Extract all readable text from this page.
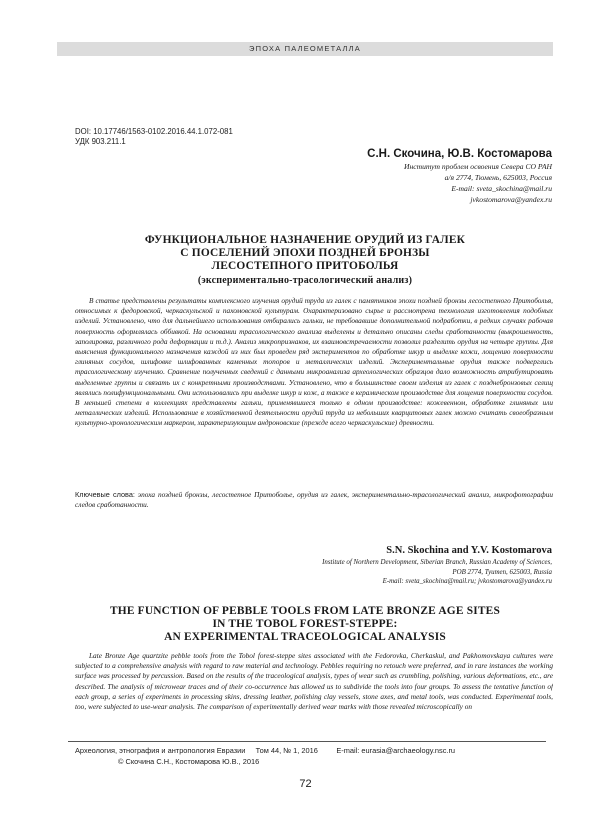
ЭПОХА ПАЛЕОМЕТАЛЛА
DOI: 10.17746/1563-0102.2016.44.1.072-081
УДК 903.211.1
С.Н. Скочина, Ю.В. Костомарова
Институт проблем освоения Севера СО РАН
а/я 2774, Тюмень, 625003, Россия
E-mail: sveta_skochina@mail.ru
jvkostomarova@yandex.ru
ФУНКЦИОНАЛЬНОЕ НАЗНАЧЕНИЕ ОРУДИЙ ИЗ ГАЛЕК
С ПОСЕЛЕНИЙ ЭПОХИ ПОЗДНЕЙ БРОНЗЫ
ЛЕСОСТЕПНОГО ПРИТОБОЛЬЯ
(экспериментально-трасологический анализ)
В статье представлены результаты комплексного изучения орудий труда из галек с памятников эпохи поздней бронзы лесостепного Притоболья, относимых к федоровской, черкаскульской и пахомовской культурам. Охарактеризовано сырье и рассмотрена технология изготовления подобных изделий. Установлено, что для дальнейшего использования отбирались гальки, не требовавшие дополнительной подработки, в редких случаях рабочая поверхность оформлялась оббивкой. На основании трасологического анализа выделены и детально описаны следы сработанности (выкрошенность, заполировка, различного рода деформации и т.д.). Анализ микропризнаков, их взаимовстречаемости позволил разделить орудия на четыре группы. Для выяснения функционального назначения каждой из них был проведен ряд экспериментов по обработке шкур и выделке кожи, лощению поверхности глиняных сосудов, шлифовке шлифованных каменных топоров и металлических изделий. Экспериментальные орудия также подверглись трасологическому изучению. Сравнение полученных сведений с данными микроанализа археологических образцов дало возможность атрибутировать выделенные группы и связать их с конкретными производствами. Установлено, что в большинстве своем изделия из галек с позднебронзовых селищ являлись полифункциональными. Они использовались при выделке шкур и кож, а также в керамическом производстве для лощения поверхности сосудов. В меньшей степени в коллекциях представлены гальки, применявшиеся только в одном производстве: кожевенном, обработке глиняных или металлических изделий. Использование в хозяйственной деятельности орудий труда из небольших кварцитовых галек можно считать своеобразным культурно-хронологическим маркером, характеризующим андроновские (прежде всего черкаскульские) древности.
Ключевые слова: эпоха поздней бронзы, лесостепное Притоболье, орудия из галек, экспериментально-трасологический анализ, микрофотографии следов сработанности.
S.N. Skochina and Y.V. Kostomarova
Institute of Northern Development, Siberian Branch, Russian Academy of Sciences,
POB 2774, Tyumen, 625003, Russia
E-mail: sveta_skochina@mail.ru; jvkostomarova@yandex.ru
THE FUNCTION OF PEBBLE TOOLS FROM LATE BRONZE AGE SITES
IN THE TOBOL FOREST-STEPPE:
AN EXPERIMENTAL TRACEOLOGICAL ANALYSIS
Late Bronze Age quartzite pebble tools from the Tobol forest-steppe sites associated with the Fedorovka, Cherkaskul, and Pakhomovskaya cultures were subjected to a comprehensive analysis with regard to raw material and technology. Pebbles requiring no retouch were preferred, and in rare instances the working surface was processed by percussion. Based on the results of the traceological analysis, types of wear such as crumbling, polishing, various deformations, etc., are described. The analysis of microwear traces and of their co-occurrence has allowed us to subdivide the tools into four groups. To assess the tentative function of each group, a series of experiments in processing skins, dressing leather, polishing clay vessels, stone axes, and metal tools, was conducted. Experimental tools, too, were subjected to use-wear analysis. The comparison of experimentally derived wear marks with those revealed microscopically on
Археология, этнография и антропология Евразии Том 44, № 1, 2016 E-mail: eurasia@archaeology.nsc.ru
© Скочина С.Н., Костомарова Ю.В., 2016
72
